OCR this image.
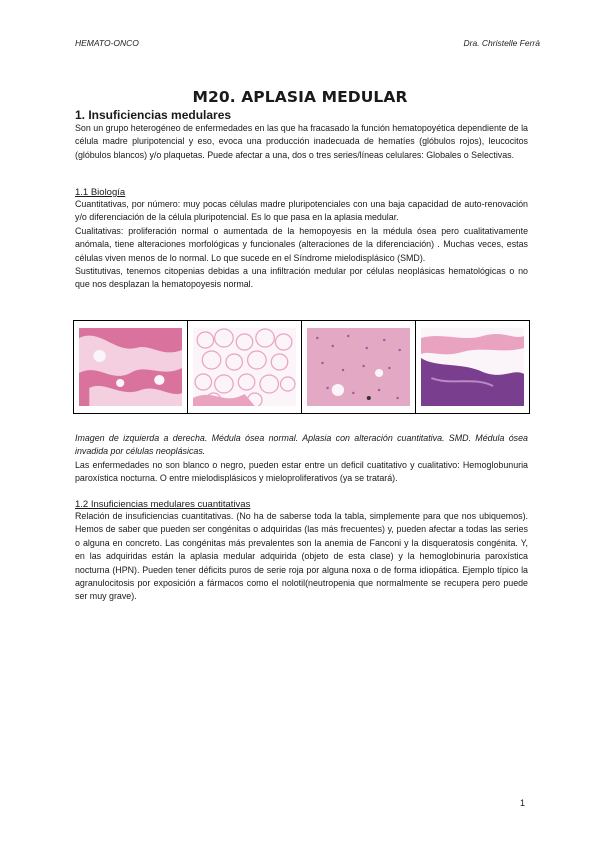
HEMATO-ONCO	Dra. Christelle Ferrà
M20. APLASIA MEDULAR

1. Insuficiencias medulares

Son un grupo heterogéneo de enfermedades en las que ha fracasado la función hematopoyética dependiente de la célula madre pluripotencial y eso, evoca una producción inadecuada de hematíes (glóbulos rojos), leucocitos (glóbulos blancos) y/o plaquetas. Puede afectar a una, dos o tres series/líneas celulares: Globales o Selectivas.

1.1 Biología

Cuantitativas, por número: muy pocas células madre pluripotenciales con una baja capacidad de auto-renovación y/o diferenciación de la célula pluripotencial. Es lo que pasa en la aplasia medular.

Cualitativas: proliferación normal o aumentada de la hemopoyesis en la médula ósea pero cualitativamente anómala, tiene alteraciones morfológicas y funcionales (alteraciones de la diferenciación) . Muchas veces, estas células viven menos de lo normal. Lo que sucede en el Síndrome mielodisplásico (SMD).

Sustitutivas, tenemos citopenias debidas a una infiltración medular por células neoplásicas hematológicas o no que nos desplazan la hematopoyesis normal.

Imagen de izquierda a derecha. Médula ósea normal. Aplasia con alteración cuantitativa. SMD. Médula ósea invadida por células neoplásicas.

Las enfermedades no son blanco o negro, pueden estar entre un deficil cuatitativo y cualitativo: Hemoglobunuria paroxística nocturna. O entre mielodisplásicos y mieloproliferativos (ya se tratará).

1.2 Insuficiencias medulares cuantitativas

Relación de insuficiencias cuantitativas. (No ha de saberse toda la tabla, simplemente para que nos ubiquemos). Hemos de saber que pueden ser congénitas o adquiridas (las más frecuentes) y, pueden afectar a todas las series o alguna en concreto. Las congénitas más prevalentes son la anemia de Fanconi y la disqueratosis congénita. Y, en las adquiridas están la aplasia medular adquirida (objeto de esta clase) y la hemoglobinuria paroxística nocturna (HPN). Pueden tener déficits puros de serie roja por alguna noxa o de forma idiopática. Ejemplo típico la agranulocitosis por exposición a fármacos como el nolotil(neutropenia que normalmente se recupera pero puede ser muy grave).

1
